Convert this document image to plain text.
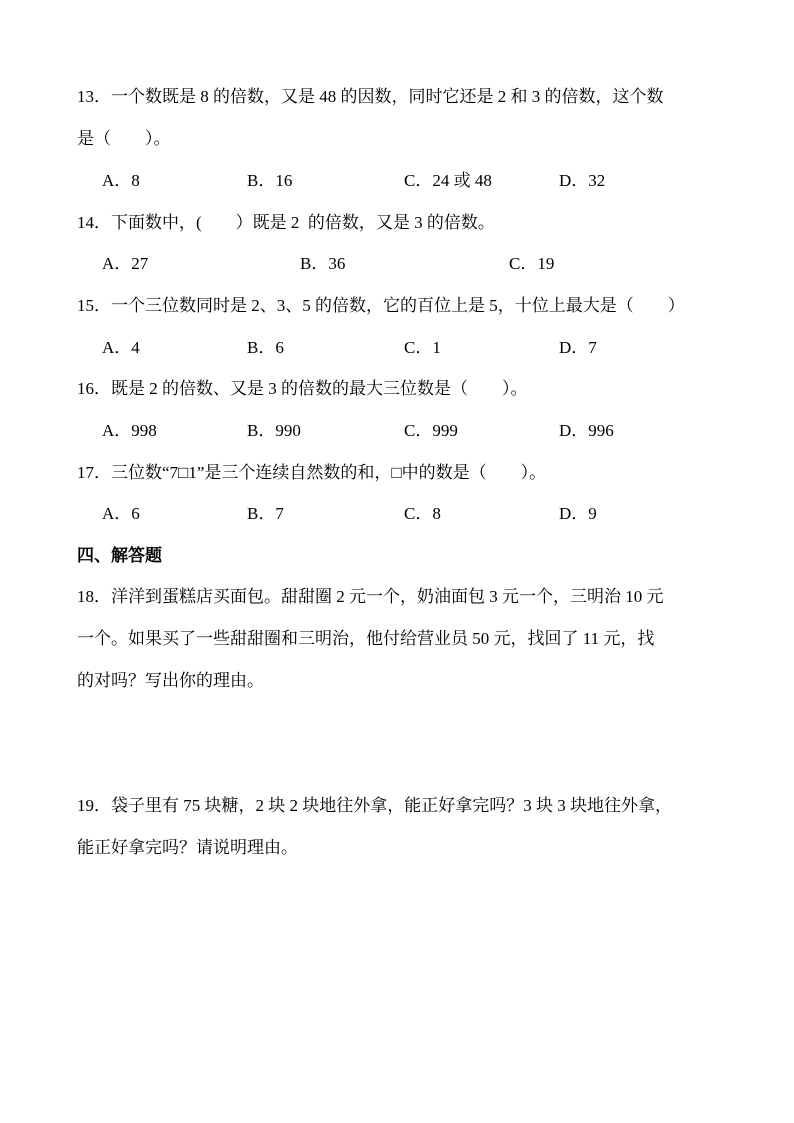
13．一个数既是 8 的倍数，又是 48 的因数，同时它还是 2 和 3 的倍数，这个数
是（        ）。
A．8	B．16	C．24 或 48	D．32
14．下面数中，(        ）既是 2  的倍数，又是 3 的倍数。
A．27	B．36	C．19
15．一个三位数同时是 2、3、5 的倍数，它的百位上是 5，十位上最大是（        ）
A．4	B．6	C．1	D．7
16．既是 2 的倍数、又是 3 的倍数的最大三位数是（        ）。
A．998	B．990	C．999	D．996
17．三位数“7□1”是三个连续自然数的和，□中的数是（        ）。
A．6	B．7	C．8	D．9
四、解答题
18．洋洋到蛋糕店买面包。甜甜圈 2 元一个，奶油面包 3 元一个，三明治 10 元
一个。如果买了一些甜甜圈和三明治，他付给营业员 50 元，找回了 11 元，找
的对吗？写出你的理由。
19．袋子里有 75 块糖，2 块 2 块地往外拿，能正好拿完吗？3 块 3 块地往外拿，
能正好拿完吗？请说明理由。
